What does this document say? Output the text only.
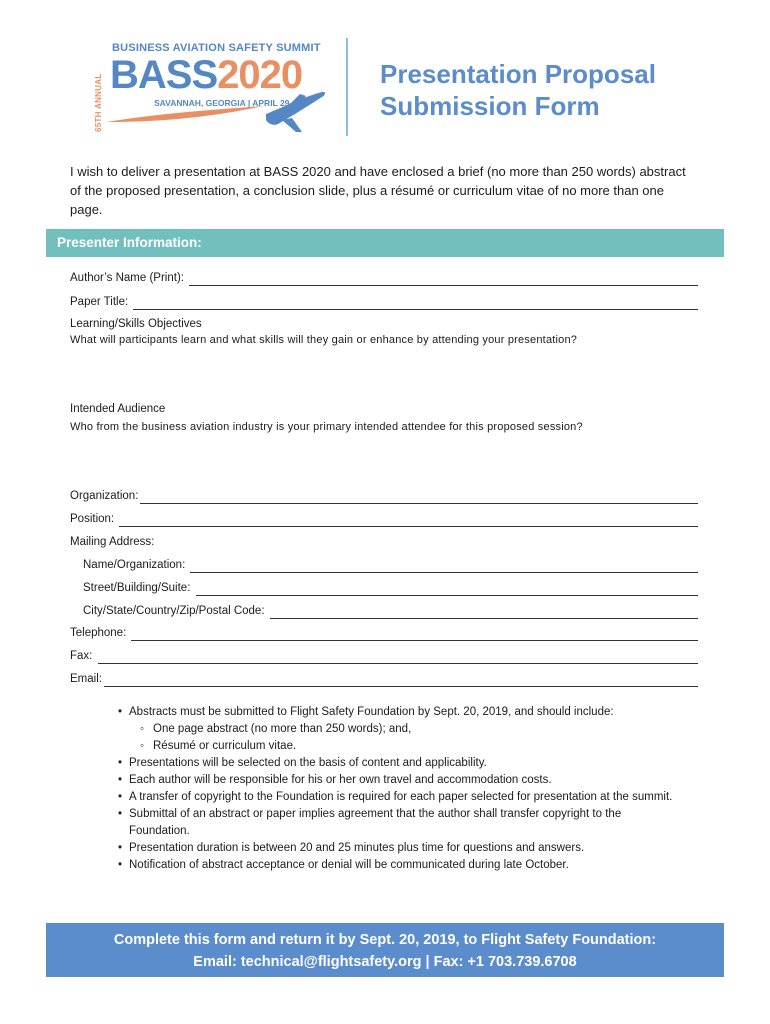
65TH ANNUAL
BUSINESS AVIATION SAFETY SUMMIT
BASS2020
SAVANNAH, GEORGIA | APRIL 29–30
Presentation Proposal
Submission Form
I wish to deliver a presentation at BASS 2020 and have enclosed a brief (no more than 250 words) abstract of the proposed presentation, a conclusion slide, plus a résumé or curriculum vitae of no more than one page.
Presenter Information:
Author’s Name (Print):
Paper Title:
Learning/Skills Objectives
What will participants learn and what skills will they gain or enhance by attending your presentation?
Intended Audience
Who from the business aviation industry is your primary intended attendee for this proposed session?
Organization:
Position:
Mailing Address:
Name/Organization:
Street/Building/Suite:
City/State/Country/Zip/Postal Code:
Telephone:
Fax:
Email:
• Abstracts must be submitted to Flight Safety Foundation by Sept. 20, 2019, and should include:
◦ One page abstract (no more than 250 words); and,
◦ Résumé or curriculum vitae.
• Presentations will be selected on the basis of content and applicability.
• Each author will be responsible for his or her own travel and accommodation costs.
• A transfer of copyright to the Foundation is required for each paper selected for presentation at the summit.
• Submittal of an abstract or paper implies agreement that the author shall transfer copyright to the Foundation.
• Presentation duration is between 20 and 25 minutes plus time for questions and answers.
• Notification of abstract acceptance or denial will be communicated during late October.
Complete this form and return it by Sept. 20, 2019, to Flight Safety Foundation:
Email: technical@flightsafety.org | Fax: +1 703.739.6708
